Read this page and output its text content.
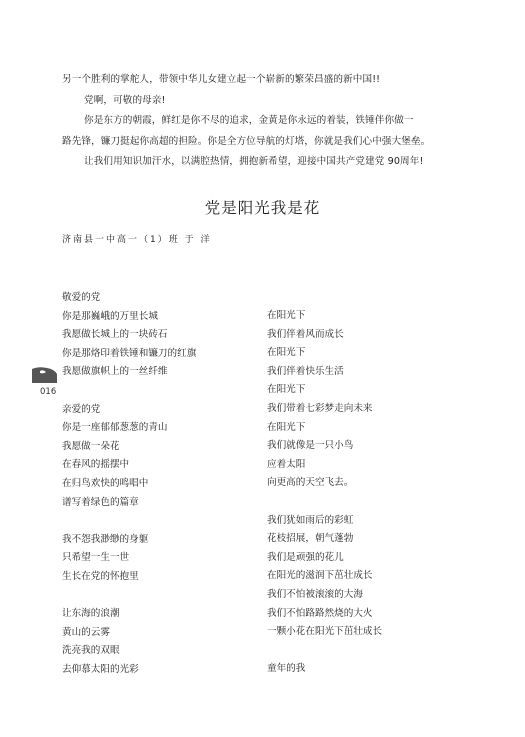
另一个胜利的掌舵人，带领中华儿女建立起一个崭新的繁荣昌盛的新中国!!

党啊，可敬的母亲!

你是东方的朝霞，鲜红是你不尽的追求，金黄是你永远的着装，铁锤伴你做一

路先锋，镰刀挺起你高超的担险。你是全方位导航的灯塔，你就是我们心中强大堡垒。

让我们用知识加汗水，以满腔热情，拥抱新希望，迎接中国共产党建党 90周年!

党是阳光我是花
济南县一中高一（1）班 于 洋
敬爱的党
你是那巍峨的万里长城
我愿做长城上的一块砖石
你是那烙印着铁锤和镰刀的红旗
我愿做旗帜上的一丝纤维
亲爱的党
你是一座郁郁葱葱的青山
我愿做一朵花
在春风的摇摆中
在归鸟欢快的鸣唱中
谱写着绿色的篇章
我不怨我渺缈的身躯
只希望一生一世
生长在党的怀抱里
让东海的浪潮
黄山的云雾
洗亮我的双眼
去仰慕太阳的光彩
在阳光下
我们伴着风而成长
在阳光下
我们伴着快乐生活
在阳光下
我们带着七彩梦走向未来
在阳光下
我们就像是一只小鸟
应着太阳
向更高的天空飞去。
我们犹如雨后的彩虹
花枝招展，朝气蓬勃
我们是顽强的花儿
在阳光的滋润下茁壮成长
我们不怕被滚滚的大海
我们不怕路路然烧的大火
一颗小花在阳光下茁壮成长
童年的我
016
